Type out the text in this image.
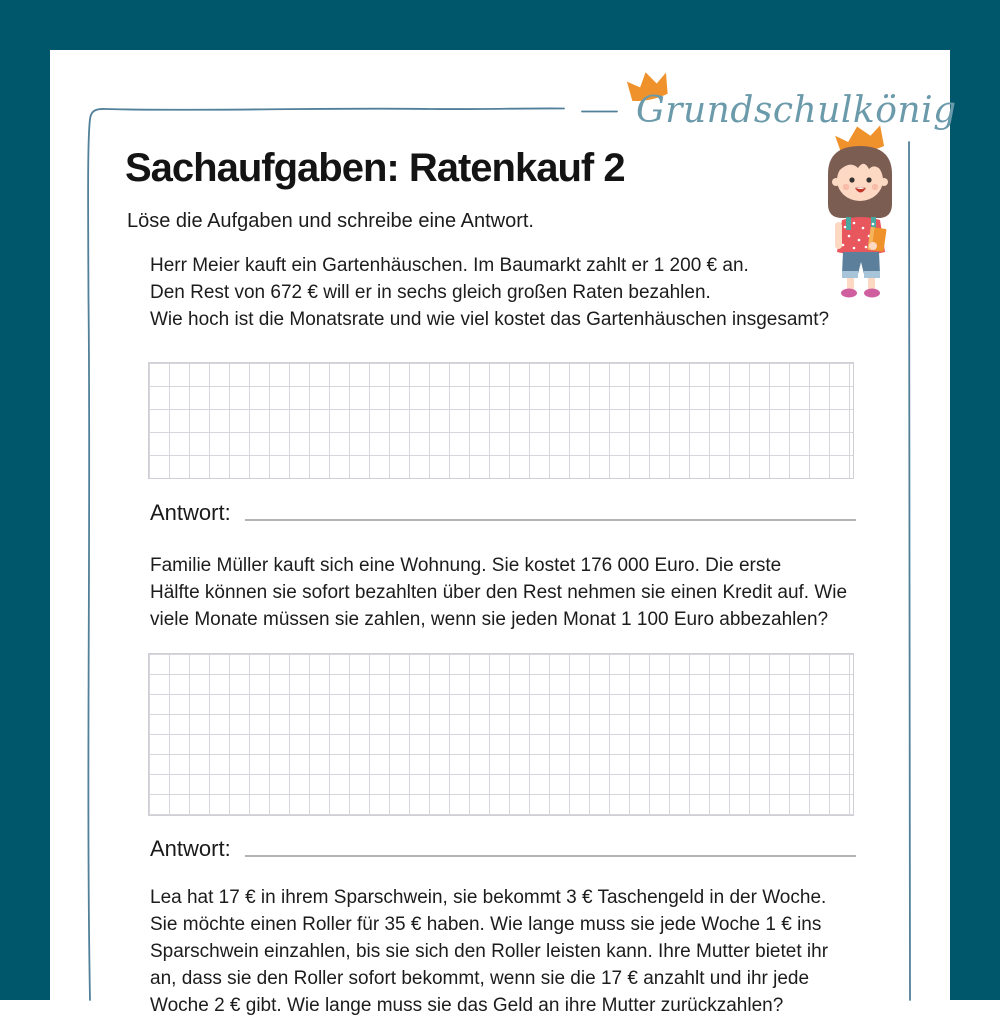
Grundschulkönig
Sachaufgaben: Ratenkauf 2
Löse die Aufgaben und schreibe eine Antwort.
Herr Meier kauft ein Gartenhäuschen. Im Baumarkt zahlt er 1 200 € an.
Den Rest von 672 € will er in sechs gleich großen Raten bezahlen.
Wie hoch ist die Monatsrate und wie viel kostet das Gartenhäuschen insgesamt?
Antwort:
Familie Müller kauft sich eine Wohnung. Sie kostet 176 000 Euro. Die erste
Hälfte können sie sofort bezahlten über den Rest nehmen sie einen Kredit auf. Wie
viele Monate müssen sie zahlen, wenn sie jeden Monat 1 100 Euro abbezahlen?
Antwort:
Lea hat 17 € in ihrem Sparschwein, sie bekommt 3 € Taschengeld in der Woche.
Sie möchte einen Roller für 35 € haben. Wie lange muss sie jede Woche 1 € ins
Sparschwein einzahlen, bis sie sich den Roller leisten kann. Ihre Mutter bietet ihr
an, dass sie den Roller sofort bekommt, wenn sie die 17 € anzahlt und ihr jede
Woche 2 € gibt. Wie lange muss sie das Geld an ihre Mutter zurückzahlen?
